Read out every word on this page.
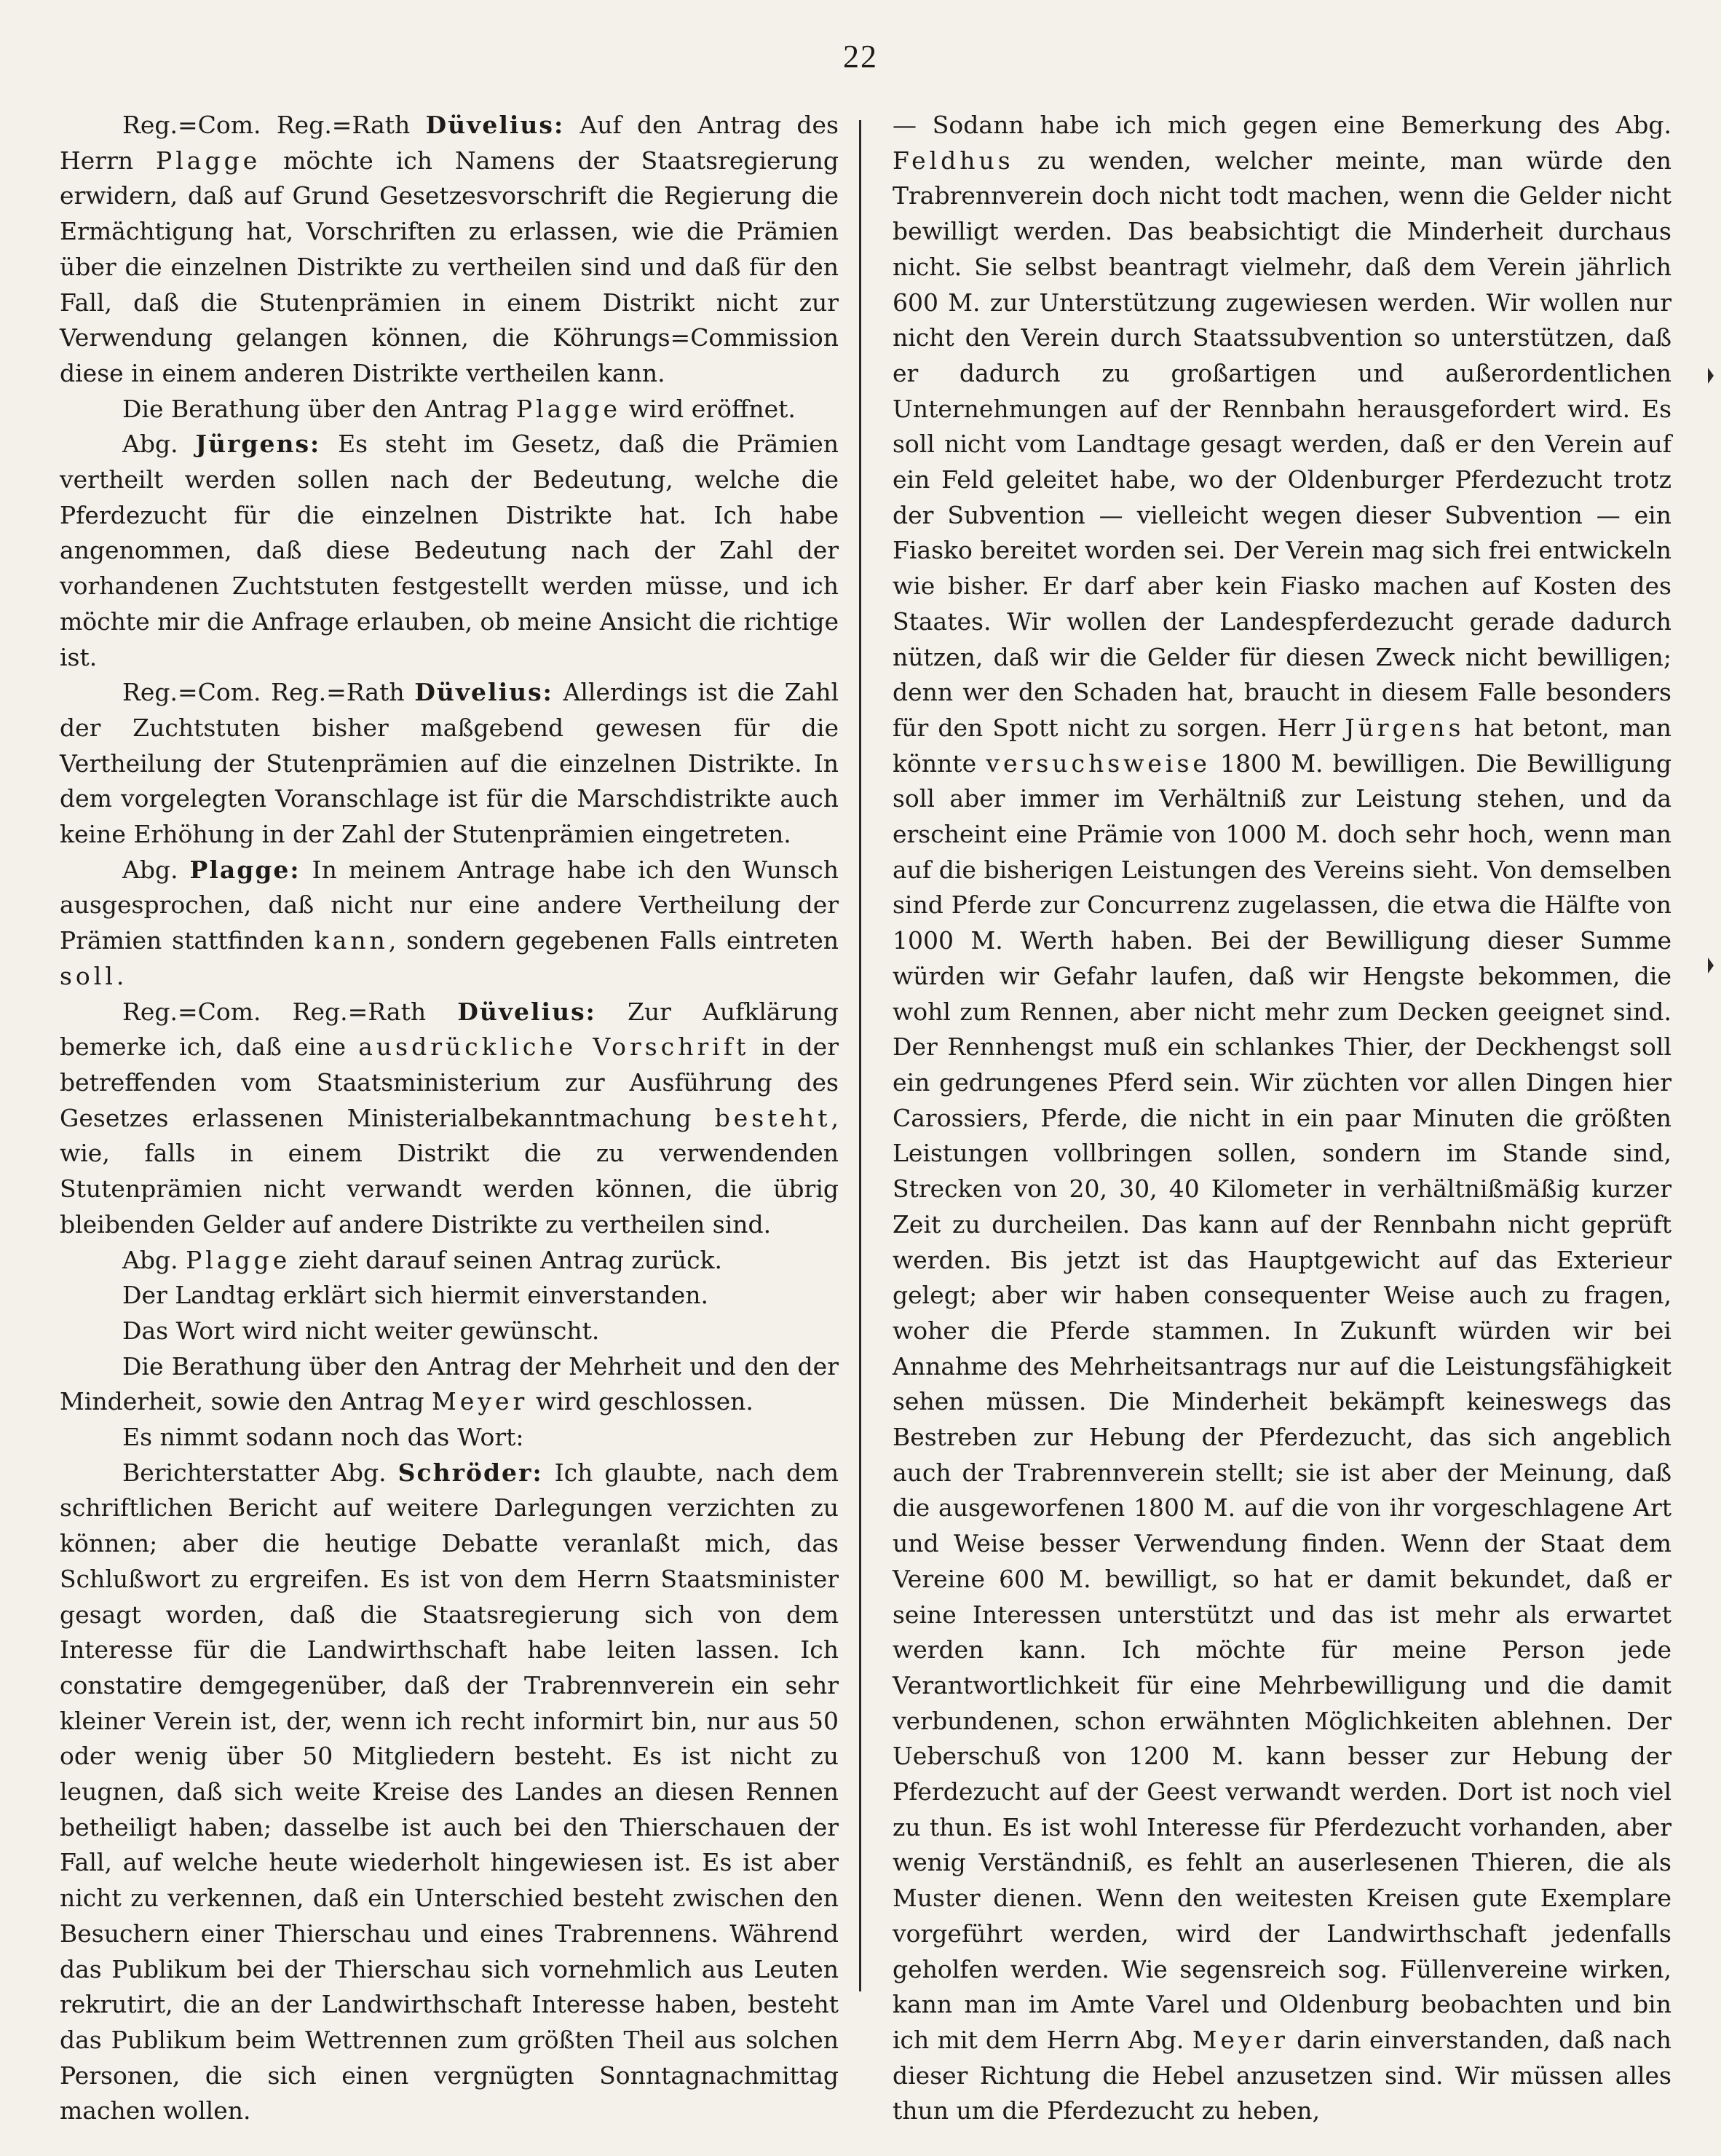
22

Reg.=Com. Reg.=Rath Düvelius: Auf den Antrag des Herrn Plagge möchte ich Namens der Staatsregierung erwidern, daß auf Grund Gesetzesvorschrift die Regierung die Ermächtigung hat, Vorschriften zu erlassen, wie die Prämien über die einzelnen Distrikte zu vertheilen sind und daß für den Fall, daß die Stutenprämien in einem Distrikt nicht zur Verwendung gelangen können, die Köhrungs=Commission diese in einem anderen Distrikte vertheilen kann.

Die Berathung über den Antrag Plagge wird eröffnet.

Abg. Jürgens: Es steht im Gesetz, daß die Prämien vertheilt werden sollen nach der Bedeutung, welche die Pferdezucht für die einzelnen Distrikte hat. Ich habe angenommen, daß diese Bedeutung nach der Zahl der vorhandenen Zuchtstuten festgestellt werden müsse, und ich möchte mir die Anfrage erlauben, ob meine Ansicht die richtige ist.

Reg.=Com. Reg.=Rath Düvelius: Allerdings ist die Zahl der Zuchtstuten bisher maßgebend gewesen für die Vertheilung der Stutenprämien auf die einzelnen Distrikte. In dem vorgelegten Voranschlage ist für die Marschdistrikte auch keine Erhöhung in der Zahl der Stutenprämien eingetreten.

Abg. Plagge: In meinem Antrage habe ich den Wunsch ausgesprochen, daß nicht nur eine andere Vertheilung der Prämien stattfinden kann, sondern gegebenen Falls eintreten soll.

Reg.=Com. Reg.=Rath Düvelius: Zur Aufklärung bemerke ich, daß eine ausdrückliche Vorschrift in der betreffenden vom Staatsministerium zur Ausführung des Gesetzes erlassenen Ministerialbekanntmachung besteht, wie, falls in einem Distrikt die zu verwendenden Stutenprämien nicht verwandt werden können, die übrig bleibenden Gelder auf andere Distrikte zu vertheilen sind.

Abg. Plagge zieht darauf seinen Antrag zurück.

Der Landtag erklärt sich hiermit einverstanden.

Das Wort wird nicht weiter gewünscht.

Die Berathung über den Antrag der Mehrheit und den der Minderheit, sowie den Antrag Meyer wird geschlossen.

Es nimmt sodann noch das Wort:

Berichterstatter Abg. Schröder: Ich glaubte, nach dem schriftlichen Bericht auf weitere Darlegungen verzichten zu können; aber die heutige Debatte veranlaßt mich, das Schlußwort zu ergreifen. Es ist von dem Herrn Staatsminister gesagt worden, daß die Staatsregierung sich von dem Interesse für die Landwirthschaft habe leiten lassen. Ich constatire demgegenüber, daß der Trabrennverein ein sehr kleiner Verein ist, der, wenn ich recht informirt bin, nur aus 50 oder wenig über 50 Mitgliedern besteht. Es ist nicht zu leugnen, daß sich weite Kreise des Landes an diesen Rennen betheiligt haben; dasselbe ist auch bei den Thierschauen der Fall, auf welche heute wiederholt hingewiesen ist. Es ist aber nicht zu verkennen, daß ein Unterschied besteht zwischen den Besuchern einer Thierschau und eines Trabrennens. Während das Publikum bei der Thierschau sich vornehmlich aus Leuten rekrutirt, die an der Landwirthschaft Interesse haben, besteht das Publikum beim Wettrennen zum größten Theil aus solchen Personen, die sich einen vergnügten Sonntagnachmittag machen wollen.

— Sodann habe ich mich gegen eine Bemerkung des Abg. Feldhus zu wenden, welcher meinte, man würde den Trabrennverein doch nicht todt machen, wenn die Gelder nicht bewilligt werden. Das beabsichtigt die Minderheit durchaus nicht. Sie selbst beantragt vielmehr, daß dem Verein jährlich 600 M. zur Unterstützung zugewiesen werden. Wir wollen nur nicht den Verein durch Staatssubvention so unterstützen, daß er dadurch zu großartigen und außerordentlichen Unternehmungen auf der Rennbahn herausgefordert wird. Es soll nicht vom Landtage gesagt werden, daß er den Verein auf ein Feld geleitet habe, wo der Oldenburger Pferdezucht trotz der Subvention — vielleicht wegen dieser Subvention — ein Fiasko bereitet worden sei. Der Verein mag sich frei entwickeln wie bisher. Er darf aber kein Fiasko machen auf Kosten des Staates. Wir wollen der Landespferdezucht gerade dadurch nützen, daß wir die Gelder für diesen Zweck nicht bewilligen; denn wer den Schaden hat, braucht in diesem Falle besonders für den Spott nicht zu sorgen. Herr Jürgens hat betont, man könnte versuchsweise 1800 M. bewilligen. Die Bewilligung soll aber immer im Verhältniß zur Leistung stehen, und da erscheint eine Prämie von 1000 M. doch sehr hoch, wenn man auf die bisherigen Leistungen des Vereins sieht. Von demselben sind Pferde zur Concurrenz zugelassen, die etwa die Hälfte von 1000 M. Werth haben. Bei der Bewilligung dieser Summe würden wir Gefahr laufen, daß wir Hengste bekommen, die wohl zum Rennen, aber nicht mehr zum Decken geeignet sind. Der Rennhengst muß ein schlankes Thier, der Deckhengst soll ein gedrungenes Pferd sein. Wir züchten vor allen Dingen hier Carossiers, Pferde, die nicht in ein paar Minuten die größten Leistungen vollbringen sollen, sondern im Stande sind, Strecken von 20, 30, 40 Kilometer in verhältnißmäßig kurzer Zeit zu durcheilen. Das kann auf der Rennbahn nicht geprüft werden. Bis jetzt ist das Hauptgewicht auf das Exterieur gelegt; aber wir haben consequenter Weise auch zu fragen, woher die Pferde stammen. In Zukunft würden wir bei Annahme des Mehrheitsantrags nur auf die Leistungsfähigkeit sehen müssen. Die Minderheit bekämpft keineswegs das Bestreben zur Hebung der Pferdezucht, das sich angeblich auch der Trabrennverein stellt; sie ist aber der Meinung, daß die ausgeworfenen 1800 M. auf die von ihr vorgeschlagene Art und Weise besser Verwendung finden. Wenn der Staat dem Vereine 600 M. bewilligt, so hat er damit bekundet, daß er seine Interessen unterstützt und das ist mehr als erwartet werden kann. Ich möchte für meine Person jede Verantwortlichkeit für eine Mehrbewilligung und die damit verbundenen, schon erwähnten Möglichkeiten ablehnen. Der Ueberschuß von 1200 M. kann besser zur Hebung der Pferdezucht auf der Geest verwandt werden. Dort ist noch viel zu thun. Es ist wohl Interesse für Pferdezucht vorhanden, aber wenig Verständniß, es fehlt an auserlesenen Thieren, die als Muster dienen. Wenn den weitesten Kreisen gute Exemplare vorgeführt werden, wird der Landwirthschaft jedenfalls geholfen werden. Wie segensreich sog. Füllenvereine wirken, kann man im Amte Varel und Oldenburg beobachten und bin ich mit dem Herrn Abg. Meyer darin einverstanden, daß nach dieser Richtung die Hebel anzusetzen sind. Wir müssen alles thun um die Pferdezucht zu heben,
